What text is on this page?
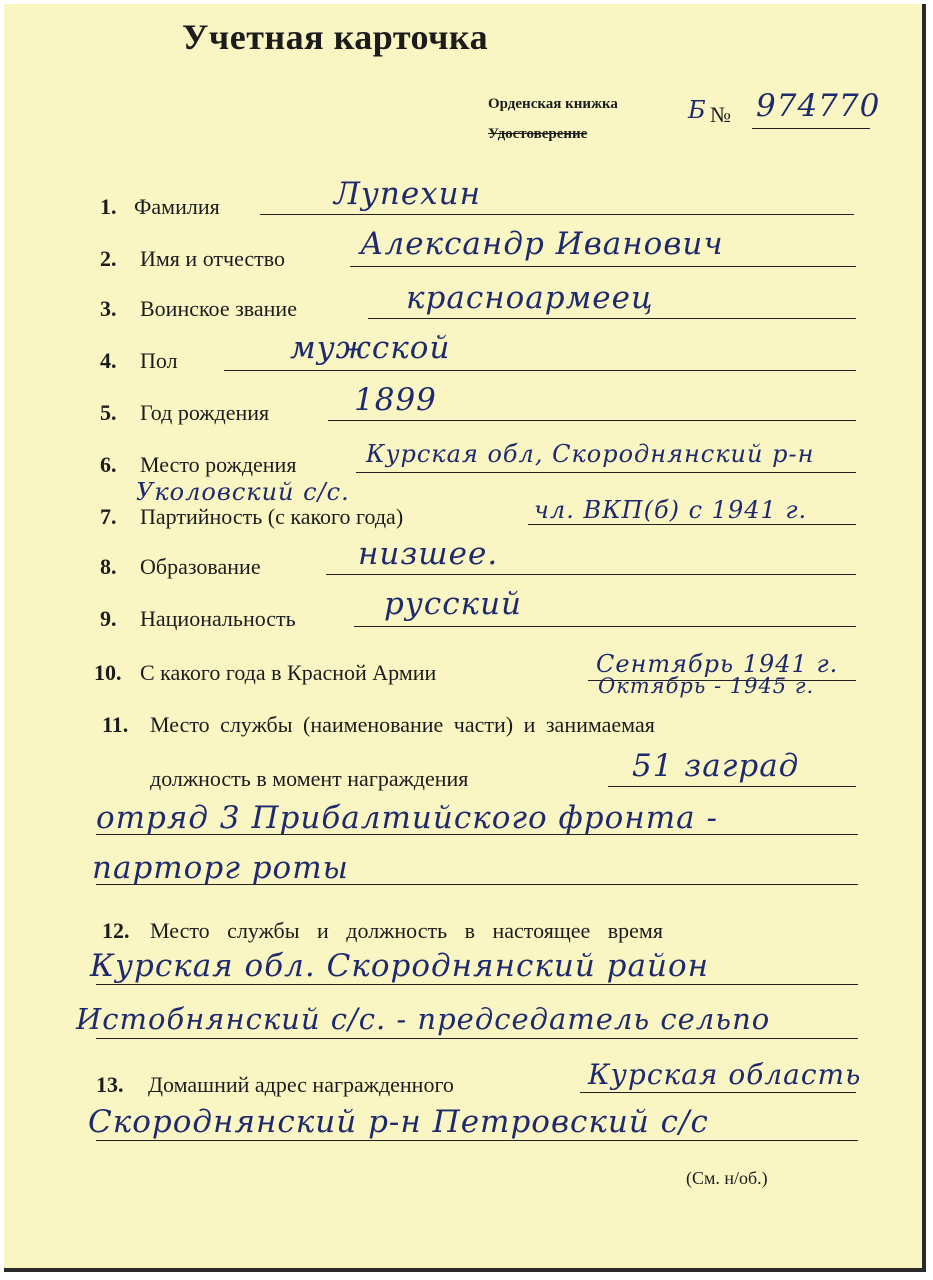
Учетная карточка
Орденская книжка
Удостоверение
Б № 974770
1. Фамилия	Лупехин
2. Имя и отчество Александр Иванович
3. Воинское звание	красноармеец
4. Пол	мужской
5. Год рождения	1899
6. Место рождения	Курская обл, Скороднянский р-н
Уколовский с/с.
7. Партийность (с какого года)	чл. ВКП(б) с 1941 г.
8. Образование	низшее.
9. Национальность	русский
10. С какого года в Красной Армии	Сентябрь 1941 г.
Октябрь - 1945 г.
11. Место службы (наименование части) и занимаемая
должность в момент награждения	51 заград
отряд 3 Прибалтийского фронта -
парторг роты
12. Место службы и должность в настоящее время
Курская обл. Скороднянский район
Истобнянский с/с. - председатель сельпо
13. Домашний адрес награжденного	Курская область
Скороднянский р-н Петровский с/с
(См. н/об.)
